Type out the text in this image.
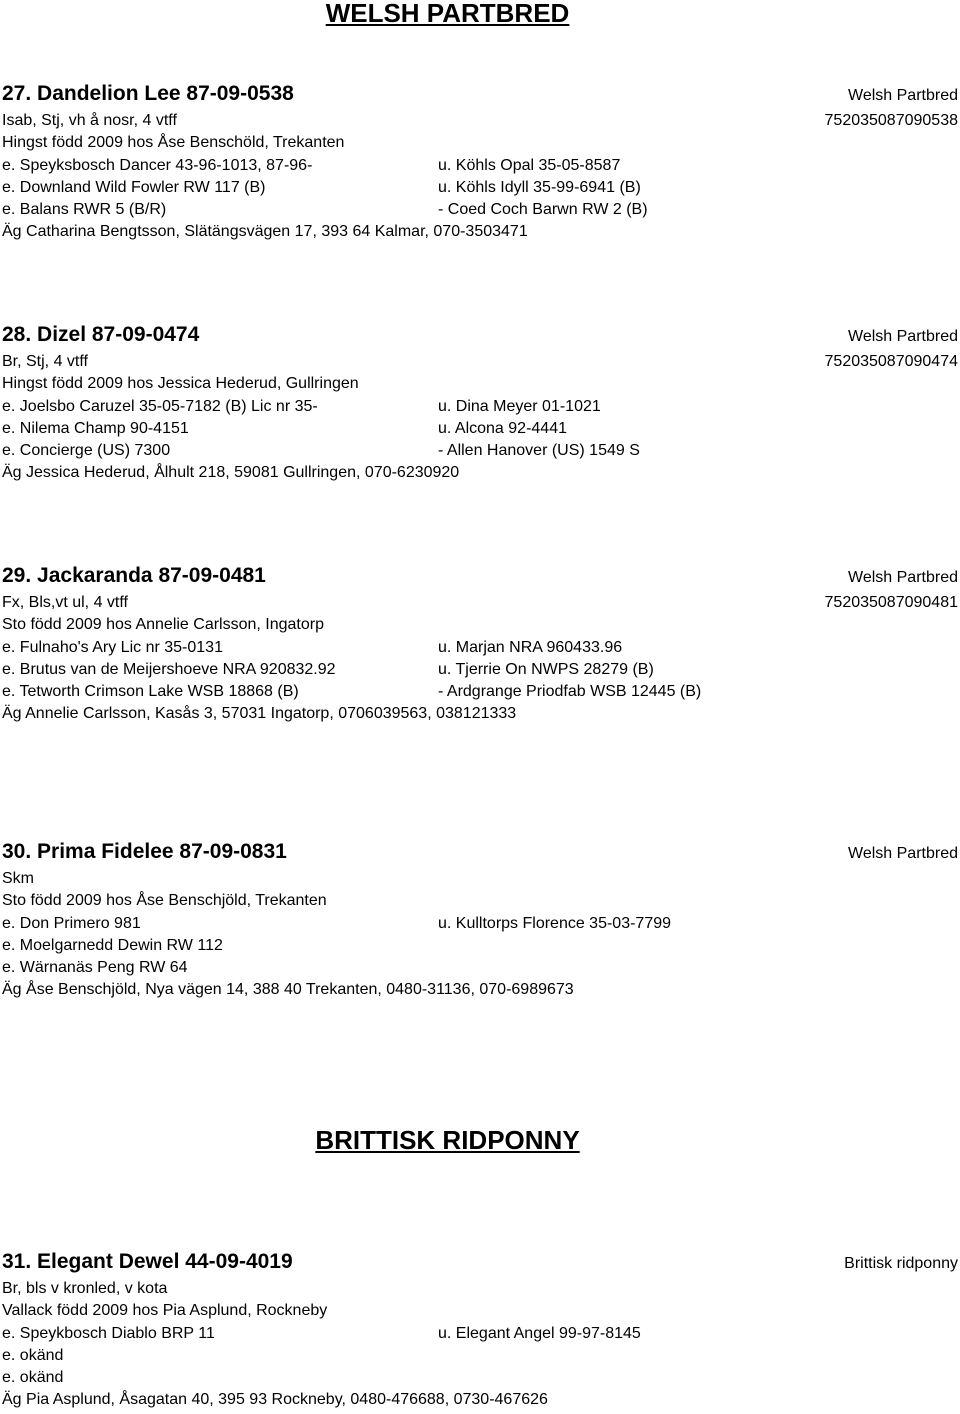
WELSH PARTBRED
27. Dandelion Lee 87-09-0538	Welsh Partbred
Isab, Stj, vh å nosr, 4 vtff	752035087090538
Hingst född 2009 hos Åse Benschöld, Trekanten
e. Speyksbosch Dancer 43-96-1013, 87-96-	u. Köhls Opal 35-05-8587
e. Downland Wild Fowler RW 117 (B)	u. Köhls Idyll 35-99-6941 (B)
e. Balans RWR 5 (B/R)	- Coed Coch Barwn RW 2 (B)
Äg Catharina Bengtsson, Slätängsvägen 17, 393 64 Kalmar, 070-3503471
28. Dizel 87-09-0474	Welsh Partbred
Br, Stj, 4 vtff	752035087090474
Hingst född 2009 hos Jessica Hederud, Gullringen
e. Joelsbo Caruzel 35-05-7182 (B) Lic nr 35-	u. Dina Meyer 01-1021
e. Nilema Champ 90-4151	u. Alcona 92-4441
e. Concierge (US) 7300	- Allen Hanover (US) 1549 S
Äg Jessica Hederud, Ålhult 218, 59081 Gullringen, 070-6230920
29. Jackaranda 87-09-0481	Welsh Partbred
Fx, Bls,vt ul, 4 vtff	752035087090481
Sto född 2009 hos Annelie Carlsson, Ingatorp
e. Fulnaho's Ary Lic nr 35-0131	u. Marjan NRA 960433.96
e. Brutus van de Meijershoeve NRA 920832.92	u. Tjerrie On NWPS 28279 (B)
e. Tetworth Crimson Lake WSB 18868 (B)	- Ardgrange Priodfab WSB 12445 (B)
Äg Annelie Carlsson, Kasås 3, 57031 Ingatorp, 0706039563, 038121333
30. Prima Fidelee 87-09-0831	Welsh Partbred
Skm
Sto född 2009 hos Åse Benschjöld, Trekanten
e. Don Primero 981	u. Kulltorps Florence 35-03-7799
e. Moelgarnedd Dewin RW 112
e. Wärnanäs Peng RW 64
Äg Åse Benschjöld, Nya vägen 14, 388 40 Trekanten, 0480-31136, 070-6989673
BRITTISK RIDPONNY
31. Elegant Dewel 44-09-4019	Brittisk ridponny
Br, bls v kronled, v kota
Vallack född 2009 hos Pia Asplund, Rockneby
e. Speykbosch Diablo BRP 11	u. Elegant Angel 99-97-8145
e. okänd
e. okänd
Äg Pia Asplund, Åsagatan 40, 395 93 Rockneby, 0480-476688, 0730-467626
